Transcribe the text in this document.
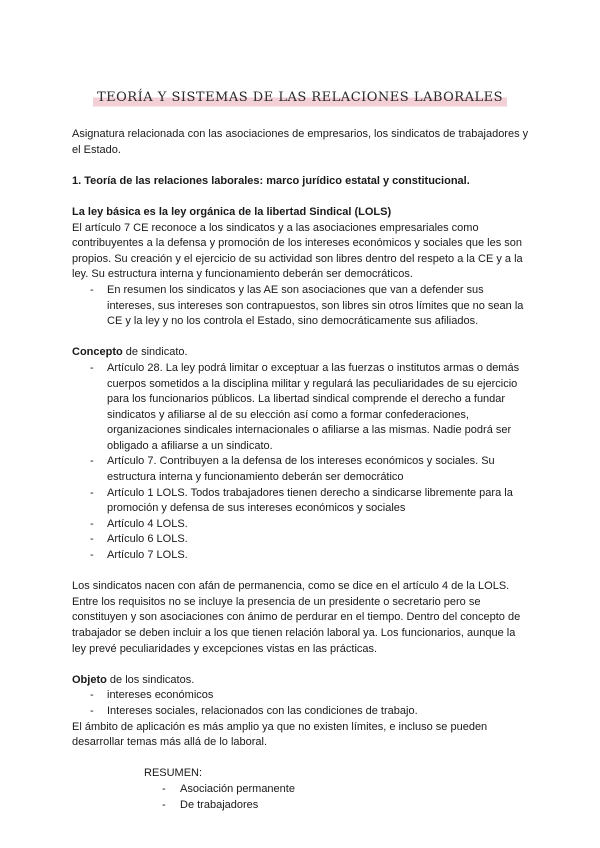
TEORÍA Y SISTEMAS DE LAS RELACIONES LABORALES

Asignatura relacionada con las asociaciones de empresarios, los sindicatos de trabajadores y el Estado.

1. Teoría de las relaciones laborales: marco jurídico estatal y constitucional.

La ley básica es la ley orgánica de la libertad Sindical (LOLS)

El artículo 7 CE reconoce a los sindicatos y a las asociaciones empresariales como contribuyentes a la defensa y promoción de los intereses económicos y sociales que les son propios. Su creación y el ejercicio de su actividad son libres dentro del respeto a la CE y a la ley. Su estructura interna y funcionamiento deberán ser democráticos.

- En resumen los sindicatos y las AE son asociaciones que van a defender sus intereses, sus intereses son contrapuestos, son libres sin otros límites que no sean la CE y la ley y no los controla el Estado, sino democráticamente sus afiliados.

Concepto de sindicato.

- Artículo 28. La ley podrá limitar o exceptuar a las fuerzas o institutos armas o demás cuerpos sometidos a la disciplina militar y regulará las peculiaridades de su ejercicio para los funcionarios públicos. La libertad sindical comprende el derecho a fundar sindicatos y afiliarse al de su elección así como a formar confederaciones, organizaciones sindicales internacionales o afiliarse a las mismas. Nadie podrá ser obligado a afiliarse a un sindicato.
- Artículo 7. Contribuyen a la defensa de los intereses económicos y sociales. Su estructura interna y funcionamiento deberán ser democrático
- Artículo 1 LOLS. Todos trabajadores tienen derecho a sindicarse libremente para la promoción y defensa de sus intereses económicos y sociales
- Artículo 4 LOLS.
- Artículo 6 LOLS.
- Artículo 7 LOLS.

Los sindicatos nacen con afán de permanencia, como se dice en el artículo 4 de la LOLS. Entre los requisitos no se incluye la presencia de un presidente o secretario pero se constituyen y son asociaciones con ánimo de perdurar en el tiempo. Dentro del concepto de trabajador se deben incluir a los que tienen relación laboral ya. Los funcionarios, aunque la ley prevé peculiaridades y excepciones vistas en las prácticas.

Objeto de los sindicatos.

- intereses económicos
- Intereses sociales, relacionados con las condiciones de trabajo.

El ámbito de aplicación es más amplio ya que no existen límites, e incluso se pueden desarrollar temas más allá de lo laboral.

RESUMEN:

- Asociación permanente
- De trabajadores
